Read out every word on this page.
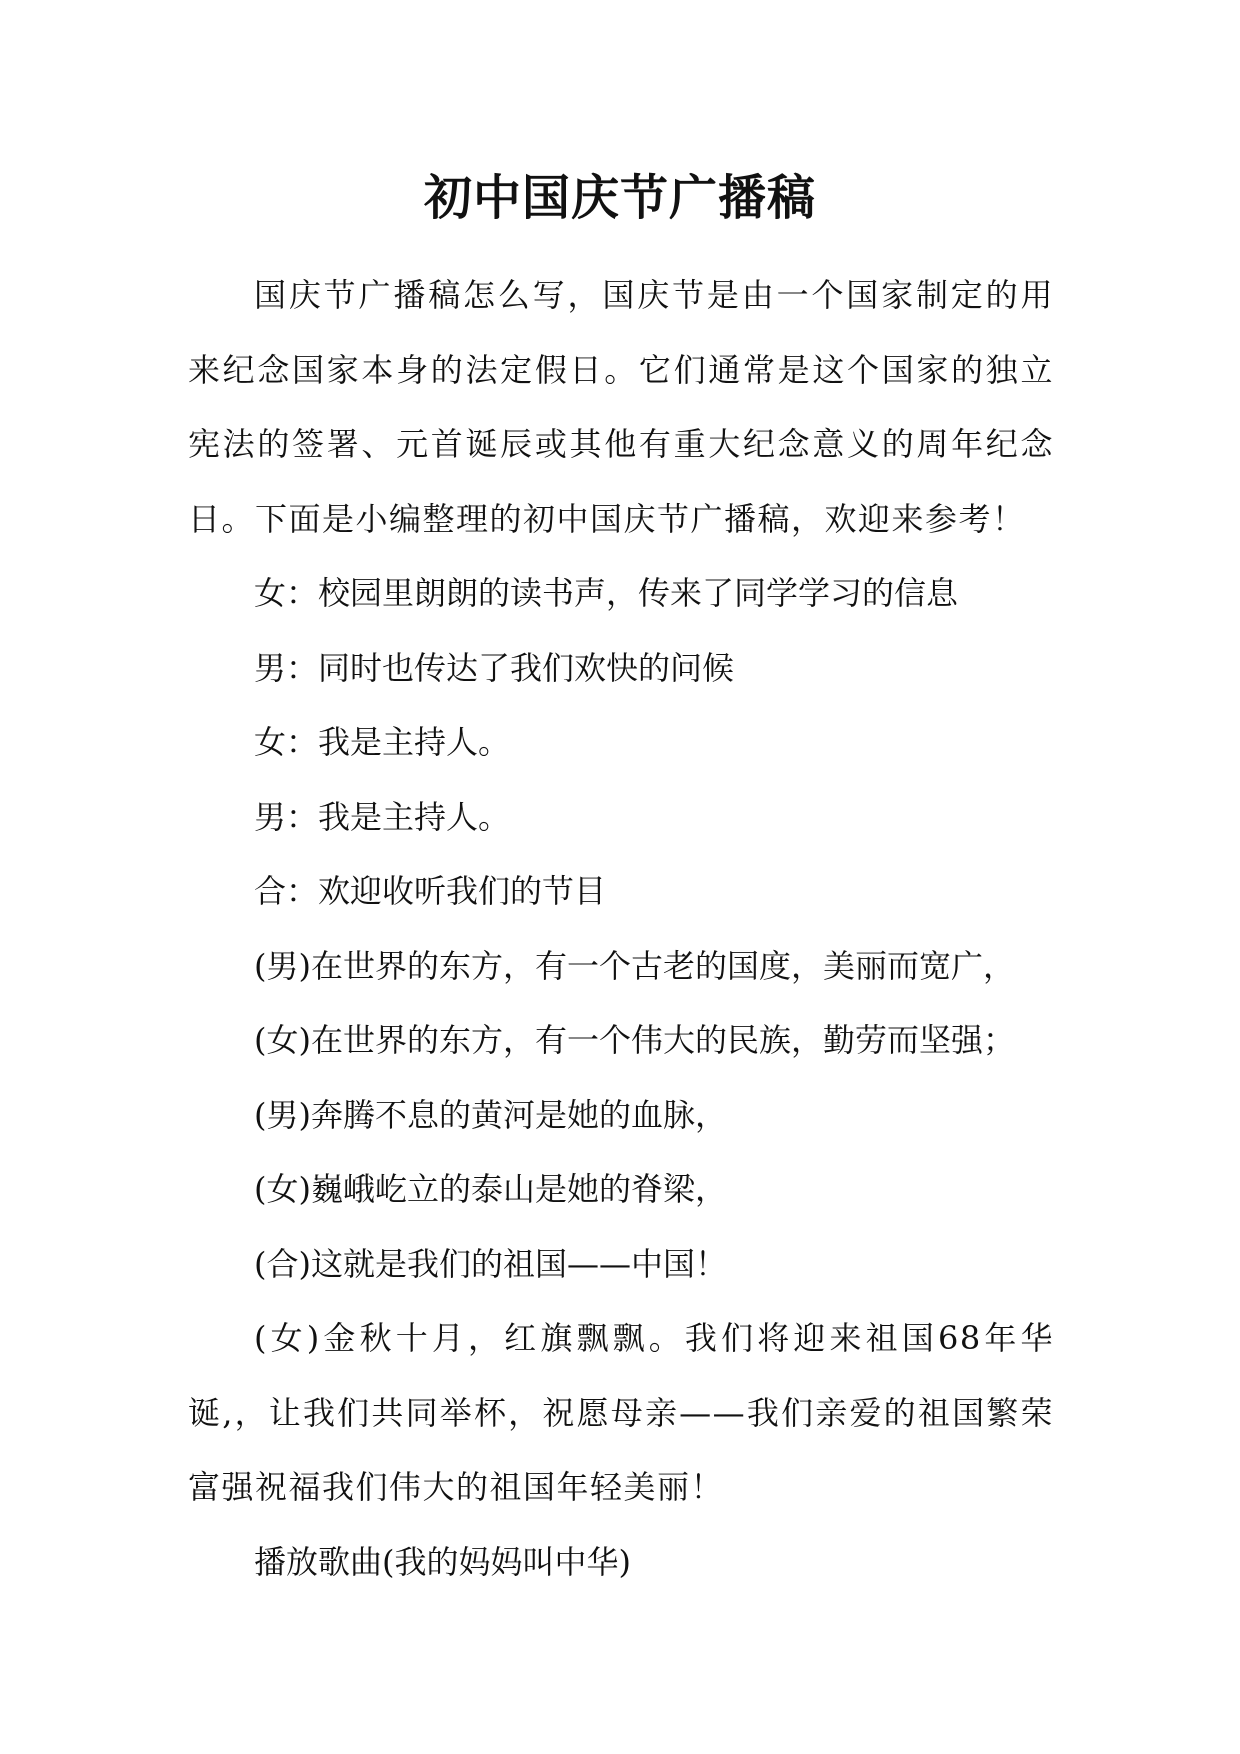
初中国庆节广播稿

国庆节广播稿怎么写，国庆节是由一个国家制定的用来纪念国家本身的法定假日。它们通常是这个国家的独立宪法的签署、元首诞辰或其他有重大纪念意义的周年纪念日。下面是小编整理的初中国庆节广播稿，欢迎来参考！

女：校园里朗朗的读书声，传来了同学学习的信息

男：同时也传达了我们欢快的问候

女：我是主持人。

男：我是主持人。

合：欢迎收听我们的节目

(男)在世界的东方，有一个古老的国度，美丽而宽广，

(女)在世界的东方，有一个伟大的民族，勤劳而坚强；

(男)奔腾不息的黄河是她的血脉，

(女)巍峨屹立的泰山是她的脊梁，

(合)这就是我们的祖国——中国！

(女)金秋十月，红旗飘飘。我们将迎来祖国68年华诞,，让我们共同举杯，祝愿母亲——我们亲爱的祖国繁荣富强祝福我们伟大的祖国年轻美丽！

播放歌曲(我的妈妈叫中华)
